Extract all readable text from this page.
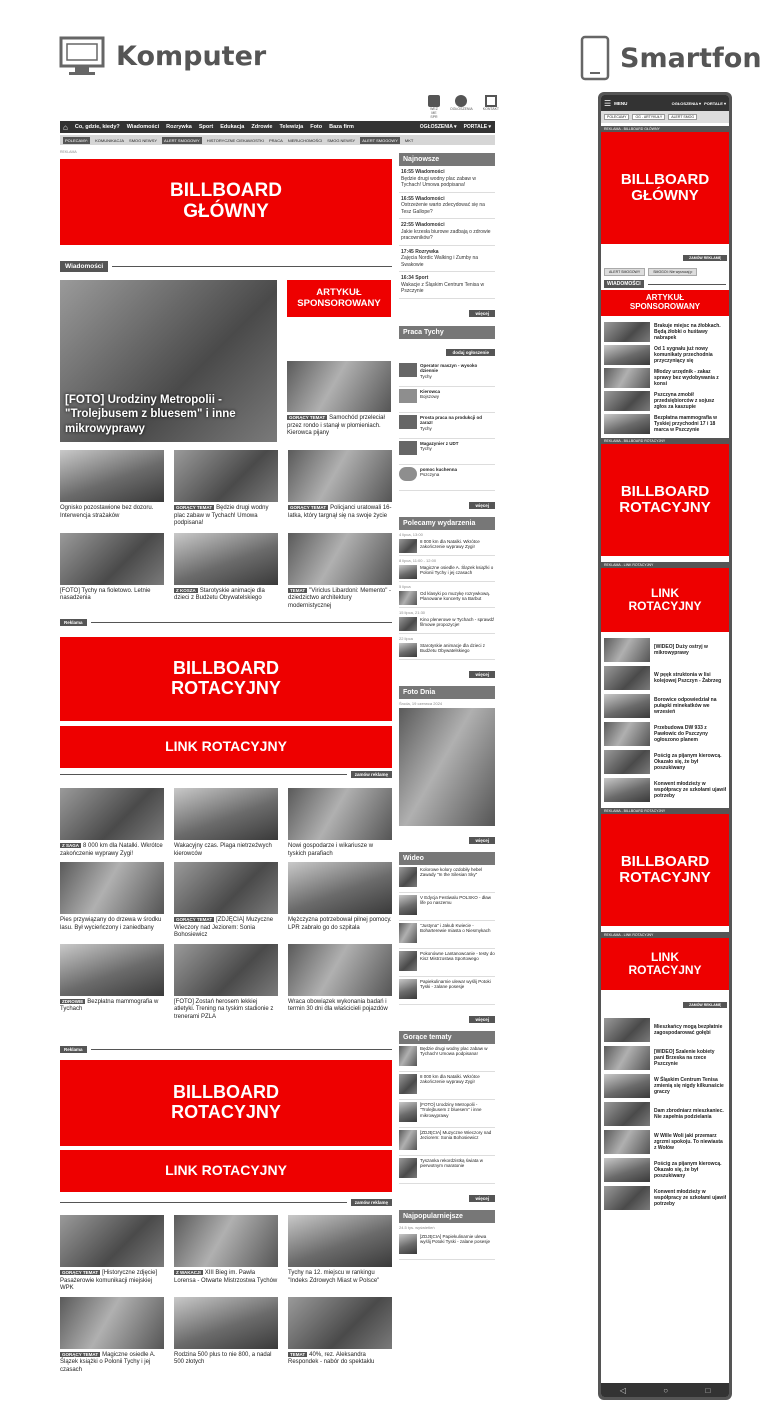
Komputer	Smartfon
WEŹ ME SPR
OGŁOSZENIA	KONTAKT
⌂ Co, gdzie, kiedy? Wiadomości Rozrywka Sport Edukacja Zdrowie Telewizja Foto Baza firm	OGŁOSZENIA ▾ PORTALE ▾
POLECAMY:	KOMUNIKACJA SMOG NEWSY	ALERT SMOGOWY	HISTORYCZNE CIEKAWOSTKI PRACA NIERUCHOMOŚCI SMOG NEWSY	ALERT SMOGOWY	MKT
REKLAMA
BILLBOARD
GŁÓWNY
Wiadomości
[FOTO] Urodziny Metropolii - "Trolejbusem z bluesem" i inne mikrowyprawy
ARTYKUŁ
SPONSOROWANY
GORĄCY TEMAT Samochód przeleciał przez rondo i stanął w płomieniach. Kierowca pijany
Ognisko pozostawione bez dozoru. Interwencja strażaków
GORĄCY TEMAT Będzie drugi wodny plac zabaw w Tychach! Umowa podpisana!
GORĄCY TEMAT Policjanci uratowali 16-latka, który targnął się na swoje życie
[FOTO] Tychy na fioletowo. Letnie nasadzenia
Z KOSZA Starotyskie animacje dla dzieci z Budżetu Obywatelskiego
TEMAT "Viriclus Libardoni: Memento" - dziedzictwo architektury modernistycznej
Reklama
BILLBOARD
ROTACYJNY
LINK ROTACYJNY
zamów reklamę
Z SAGA 8 000 km dla Natalki. Wkrótce zakończenie wyprawy Zygi!
Wakacyjny czas. Plaga nietrzeźwych kierowców
Nowi gospodarze i wikariusze w tyskich parafiach
Pies przywiązany do drzewa w środku lasu. Był wycieńczony i zaniedbany
GORĄCY TEMAT [ZDJĘCIA] Muzyczne Wieczory nad Jeziorem: Sonia Bohosiewicz
Mężczyzna potrzebował pilnej pomocy. LPR zabrało go do szpitala
ZDROWIE Bezpłatna mammografia w Tychach
[FOTO] Zostań herosem lekkiej atletyki. Trening na tyskim stadionie z trenerami PZLA
Wraca obowiązek wykonania badań i termin 30 dni dla właścicieli pojazdów
Reklama
BILLBOARD
ROTACYJNY
LINK ROTACYJNY
zamów reklamę
GORĄCY TEMAT [Historyczne zdjęcie] Pasażerowie komunikacji miejskiej WPK
Z WAKACJI XIII Bieg im. Pawła Lorensa - Otwarte Mistrzostwa Tychów
Tychy na 12. miejscu w rankingu "Indeks Zdrowych Miast w Polsce"
GORĄCY TEMAT Magiczne osiedle A. Ślązek książki o Polonii Tychy i jej czasach
Rodzina 500 plus to nie 800, a nadal 500 złotych
TEMAT 40%, rez. Aleksandra Respondek - nabór do spektaklu
Najnowsze
16:55 Wiadomości
Będzie drugi wodny plac zabaw w Tychach! Umowa podpisana!
16:55 Wiadomości
Ostrzeżenie warto zdecydować się na Tesz Gallope?
22:55 Wiadomości
Jakie krzesła biurowe zadbają o zdrowie pracowników?
17:45 Rozrywka
Zajęcia Nordic Walking i Zumby na Swakowie
16:34 Sport
Wakacje z Śląskim Centrum Tenisa w Pszczynie
więcej
Praca Tychy
dodaj ogłoszenie
Operator maszyn - wysoko dziennie
Tychy
Kierowca
Bojszowy
Prosta praca na produkcji od zaraz!
Tychy
Magazynier z UDT
Tychy
pomoc kuchenna
Pszczyna
więcej
Polecamy wydarzenia
4 lipca, 13:00
8 000 km dla Natalki. Wkrótce zakończenie wyprawy Zygi!
8 lipca, 11:00 - 12:00
Magiczne osiedle A. Ślązek książki o Polonii Tychy i jej czasach
5 lipca
Od klasyki po muzykę rozrywkową. Planowane koncerty na Barbut
15 lipca, 21:30
Kino plenerowe w Tychach - sprawdź filmowe propozycje!
22 lipca
Starotyskie animacje dla dzieci z Budżetu Obywatelskiego
więcej
Foto Dnia
Środa, 19 czerwca 2024
więcej
Wideo
Kolorowe kolory ozdobiły hebel Zawady "In the Silesian Sky"
V Edycja Festiwalu POLSKO - dław life po naszemu
"Justyna" i Jakub Kwiecie - Boharterewie miasta o Niesmykach
Pokonówne Lantanowcanie - testy do Kisz Mistrzostwa Sportowego
Papiekulinarnie ulewa! wyślij Potoki Tyski - zalane posesje
więcej
Gorące tematy
Będzie drugi wodny plac zabaw w Tychach! Umowa podpisana!
8 000 km dla Natalki. Wkrótce zakończenie wyprawy Zygi!
[FOTO] Urodziny Metropolii - "Trolejbusem z bluesem" i inne mikrowyprawy
[ZDJĘCIA] Muzyczne Wieczory nad Jeziorem: Sonia Bohosiewicz
Tyszanka rekordzistką świata w pierwotnym maratonie
więcej
Najpopularniejsze
24.5 tys. wyświetleń
[ZDJĘCIA] Papiekulinarnie ulewa wyślij Potoki Tyski - zalane posesje
☰ MENU	OGŁOSZENIA ▾ PORTALE ▾
POLECAMY	OG - ARTYKUŁY	ALERT SMOG
REKLAMA - BILLBOARD GŁÓWNY
BILLBOARD
GŁÓWNY
ZAMÓW REKLAMĘ
ALERT SMOGOWY	SMOGOI: Nie wyrzucaj p
WIADOMOŚCI
ARTYKUŁ
SPONSOROWANY
Brakuje miejsc na żłobkach. Będą żłobki o huśtawy nabrapek
Od 1 sygnału już nowy komunikaty przechodnia przyczyniący się
Młodzy urzędnik - zakaz sprawy bez wydobywania z konsi
Pszczyna zmobił przedsiębiorców z sojusz zgłos za kaszupie
Bezpłatna mammografia w Tyskiej przychodni 17 i 18 marca w Pszczynie
REKLAMA - BILLBOARD ROTACYJNY
BILLBOARD
ROTACYJNY
REKLAMA - LINK ROTACYJNY
LINK
ROTACYJNY
[WIDEO] Duży ostryj w mikrowyprawy
W pęęk struktonia w lisi kolejowej Pszczyn - Żabrzeg
Borowice odpowiedział na pułapki minekatków we wrzesień
Przebudowa DW 933 z Pawłowic do Pszczyny ogłoszono planem
Pościg za pijanym kierowcą. Okazało się, że był poszukiwany
Konwent młodzieży w współpracy ze szkołami ujawił potrzeby
REKLAMA - BILLBOARD ROTACYJNY
BILLBOARD
ROTACYJNY
REKLAMA - LINK ROTACYJNY
LINK
ROTACYJNY
ZAMÓW REKLAMĘ
Mieszkańcy mogą bezpłatnie zagospodarować gołębi
[WIDEO] Szalenie kobiety pani Brzeska na rzece Pszczynie
W Śląskim Centrum Tenisa zmienią się nigdy kilkunaście graczy
Dam zbrodniarz mieszkaniec. Nie zapełnia podzielania
W Wille Woli jaki przemarz zgrzmi spokoju. To niewiasta z Wołów
Pościg za pijanym kierowcą. Okazało się, że był poszukiwany
Konwent młodzieży w współpracy ze szkołami ujawił potrzeby
◁	○	□
